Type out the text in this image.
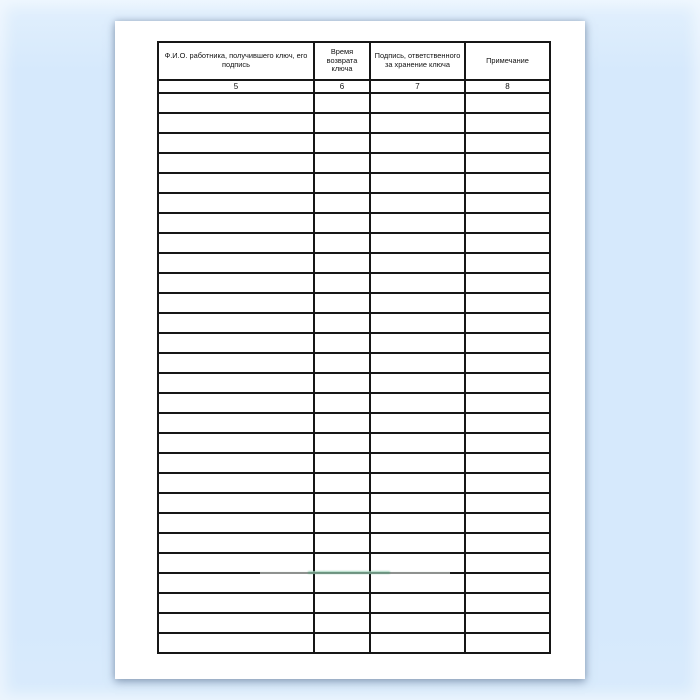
Ф.И.О. работника, получившего ключ, его подпись	Время возврата ключа	Подпись, ответственного за хранение ключа	Примечание
5	6	7	8
